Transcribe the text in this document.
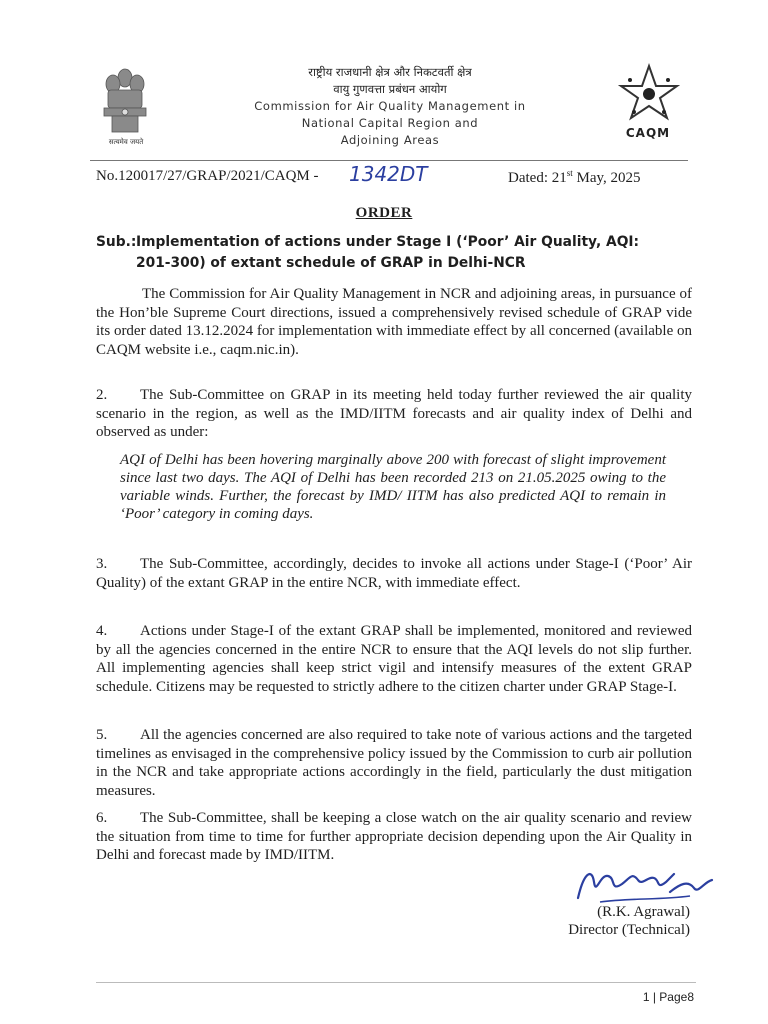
सत्यमेव जयते
राष्ट्रीय राजधानी क्षेत्र और निकटवर्ती क्षेत्र
वायु गुणवत्ता प्रबंधन आयोग
Commission for Air Quality Management in
National Capital Region and
Adjoining Areas	CAQM
No.120017/27/GRAP/2021/CAQM - 1342DT	Dated: 21st May, 2025
ORDER
Sub.:Implementation of actions under Stage I (‘Poor’ Air Quality, AQI:
201-300) of extant schedule of GRAP in Delhi-NCR
The Commission for Air Quality Management in NCR and adjoining areas, in pursuance of the Hon’ble Supreme Court directions, issued a comprehensively revised schedule of GRAP vide its order dated 13.12.2024 for implementation with immediate effect by all concerned (available on CAQM website i.e., caqm.nic.in).
2. The Sub-Committee on GRAP in its meeting held today further reviewed the air quality scenario in the region, as well as the IMD/IITM forecasts and air quality index of Delhi and observed as under:
AQI of Delhi has been hovering marginally above 200 with forecast of slight improvement since last two days. The AQI of Delhi has been recorded 213 on 21.05.2025 owing to the variable winds. Further, the forecast by IMD/ IITM has also predicted AQI to remain in ‘Poor’ category in coming days.
3. The Sub-Committee, accordingly, decides to invoke all actions under Stage-I (‘Poor’ Air Quality) of the extant GRAP in the entire NCR, with immediate effect.
4. Actions under Stage-I of the extant GRAP shall be implemented, monitored and reviewed by all the agencies concerned in the entire NCR to ensure that the AQI levels do not slip further. All implementing agencies shall keep strict vigil and intensify measures of the extent GRAP schedule. Citizens may be requested to strictly adhere to the citizen charter under GRAP Stage-I.
5. All the agencies concerned are also required to take note of various actions and the targeted timelines as envisaged in the comprehensive policy issued by the Commission to curb air pollution in the NCR and take appropriate actions accordingly in the field, particularly the dust mitigation measures.
6. The Sub-Committee, shall be keeping a close watch on the air quality scenario and review the situation from time to time for further appropriate decision depending upon the Air Quality in Delhi and forecast made by IMD/IITM.
(R.K. Agrawal)
Director (Technical)
1 | Page8
